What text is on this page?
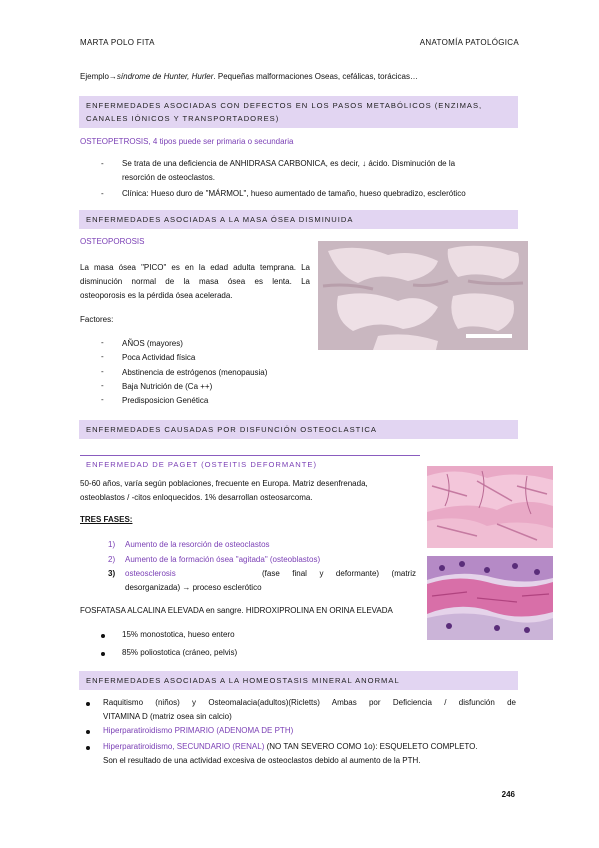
MARTA POLO FITA	ANATOMÍA PATOLÓGICA
Ejemplo→síndrome de Hunter, Hurler. Pequeñas malformaciones Oseas, cefálicas, torácicas…
ENFERMEDADES ASOCIADAS CON DEFECTOS EN LOS PASOS METABÓLICOS (ENZIMAS,
CANALES IÓNICOS Y TRANSPORTADORES)
OSTEOPETROSIS, 4 tipos puede ser primaria o secundaria
- Se trata de una deficiencia de ANHIDRASA CARBONICA, es decir, ↓ ácido. Disminución de la
resorción de osteoclastos.
- Clínica: Hueso duro de "MÁRMOL", hueso aumentado de tamaño, hueso quebradizo, esclerótico
ENFERMEDADES ASOCIADAS A LA MASA ÓSEA DISMINUIDA
OSTEOPOROSIS
La masa ósea "PICO" es en la edad adulta temprana. La
disminución normal de la masa ósea es lenta. La
osteoporosis es la pérdida ósea acelerada.
Factores:
- AÑOS (mayores)
- Poca Actividad física
- Abstinencia de estrógenos (menopausia)
- Baja Nutrición de (Ca ++)
- Predisposicion Genética
ENFERMEDADES CAUSADAS POR DISFUNCIÓN OSTEOCLASTICA
ENFERMEDAD DE PAGET (OSTEITIS DEFORMANTE)
50-60 años, varía según poblaciones, frecuente en Europa. Matriz desenfrenada,
osteoblastos / -citos enloquecidos. 1% desarrollan osteosarcoma.
TRES FASES:
1) Aumento de la resorción de osteoclastos
2) Aumento de la formación ósea "agitada" (osteoblastos)
3) osteosclerosis	(fase final y deformante) (matriz
desorganizada) → proceso esclerótico
FOSFATASA ALCALINA ELEVADA en sangre. HIDROXIPROLINA EN ORINA ELEVADA
15% monostotica, hueso entero
85% poliostotica (cráneo, pelvis)
ENFERMEDADES ASOCIADAS A LA HOMEOSTASIS MINERAL ANORMAL
Raquitismo (niños) y Osteomalacia(adultos)(Ricletts) Ambas por Deficiencia / disfunción de
VITAMINA D (matriz osea sin calcio)
Hiperparatiroidismo PRIMARIO (ADENOMA DE PTH)
Hiperparatiroidismo, SECUNDARIO (RENAL) (NO TAN SEVERO COMO 1o): ESQUELETO COMPLETO.
Son el resultado de una actividad excesiva de osteoclastos debido al aumento de la PTH.
246
